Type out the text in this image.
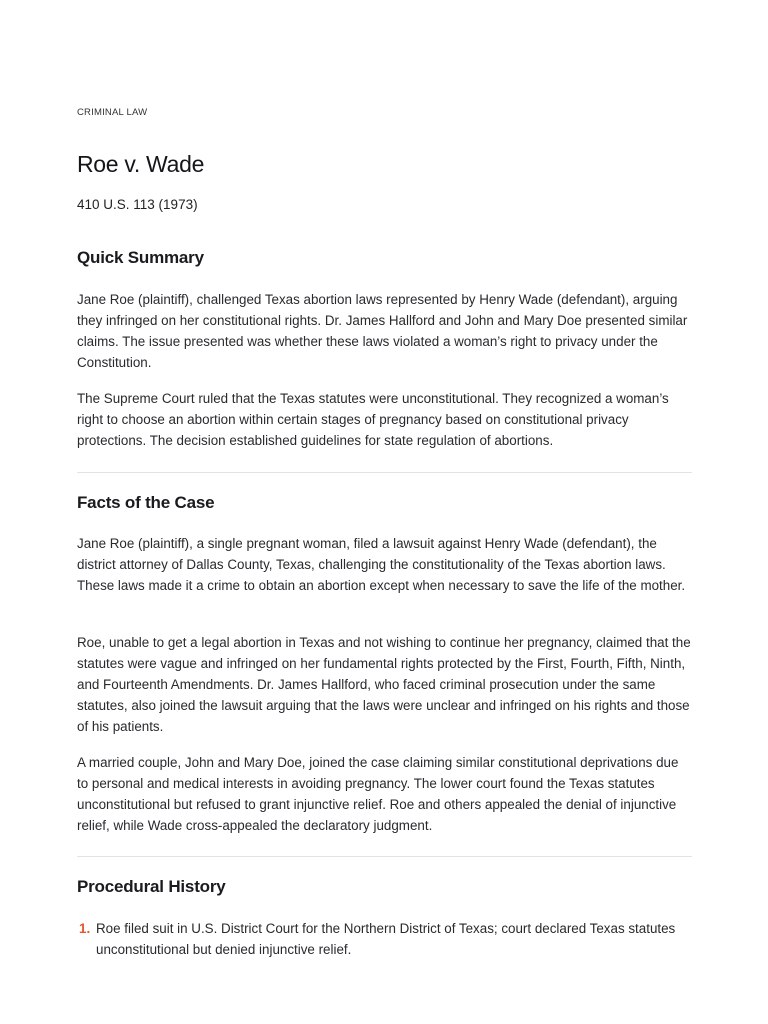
CRIMINAL LAW
Roe v. Wade
410 U.S. 113 (1973)
Quick Summary

Jane Roe (plaintiff), challenged Texas abortion laws represented by Henry Wade (defendant), arguing they infringed on her constitutional rights. Dr. James Hallford and John and Mary Doe presented similar claims. The issue presented was whether these laws violated a woman’s right to privacy under the Constitution.

The Supreme Court ruled that the Texas statutes were unconstitutional. They recognized a woman’s right to choose an abortion within certain stages of pregnancy based on constitutional privacy protections. The decision established guidelines for state regulation of abortions.

Facts of the Case

Jane Roe (plaintiff), a single pregnant woman, filed a lawsuit against Henry Wade (defendant), the district attorney of Dallas County, Texas, challenging the constitutionality of the Texas abortion laws. These laws made it a crime to obtain an abortion except when necessary to save the life of the mother.

Roe, unable to get a legal abortion in Texas and not wishing to continue her pregnancy, claimed that the statutes were vague and infringed on her fundamental rights protected by the First, Fourth, Fifth, Ninth, and Fourteenth Amendments. Dr. James Hallford, who faced criminal prosecution under the same statutes, also joined the lawsuit arguing that the laws were unclear and infringed on his rights and those of his patients.

A married couple, John and Mary Doe, joined the case claiming similar constitutional deprivations due to personal and medical interests in avoiding pregnancy. The lower court found the Texas statutes unconstitutional but refused to grant injunctive relief. Roe and others appealed the denial of injunctive relief, while Wade cross-appealed the declaratory judgment.

Procedural History
1. Roe filed suit in U.S. District Court for the Northern District of Texas; court declared Texas statutes unconstitutional but denied injunctive relief.
